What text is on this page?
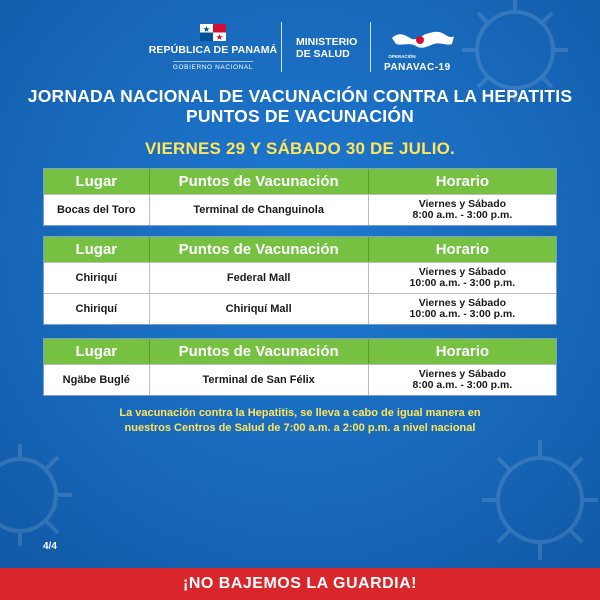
REPÚBLICA DE PANAMÁ
GOBIERNO NACIONAL
MINISTERIO
DE SALUD	OPERACIÓN
PANAVAC-19
JORNADA NACIONAL DE VACUNACIÓN CONTRA LA HEPATITIS
PUNTOS DE VACUNACIÓN
VIERNES 29 Y SÁBADO 30 DE JULIO.
Lugar	Puntos de Vacunación	Horario
Bocas del Toro	Terminal de Changuinola	Viernes y Sábado
8:00 a.m. - 3:00 p.m.
Lugar	Puntos de Vacunación	Horario
Chiriquí	Federal Mall	Viernes y Sábado
10:00 a.m. - 3:00 p.m.
Chiriquí	Chiriquí Mall	Viernes y Sábado
10:00 a.m. - 3:00 p.m.
Lugar	Puntos de Vacunación	Horario
Ngäbe Buglé	Terminal de San Félix	Viernes y Sábado
8:00 a.m. - 3:00 p.m.
La vacunación contra la Hepatitis, se lleva a cabo de igual manera en
nuestros Centros de Salud de 7:00 a.m. a 2:00 p.m. a nivel nacional
4/4
¡NO BAJEMOS LA GUARDIA!
